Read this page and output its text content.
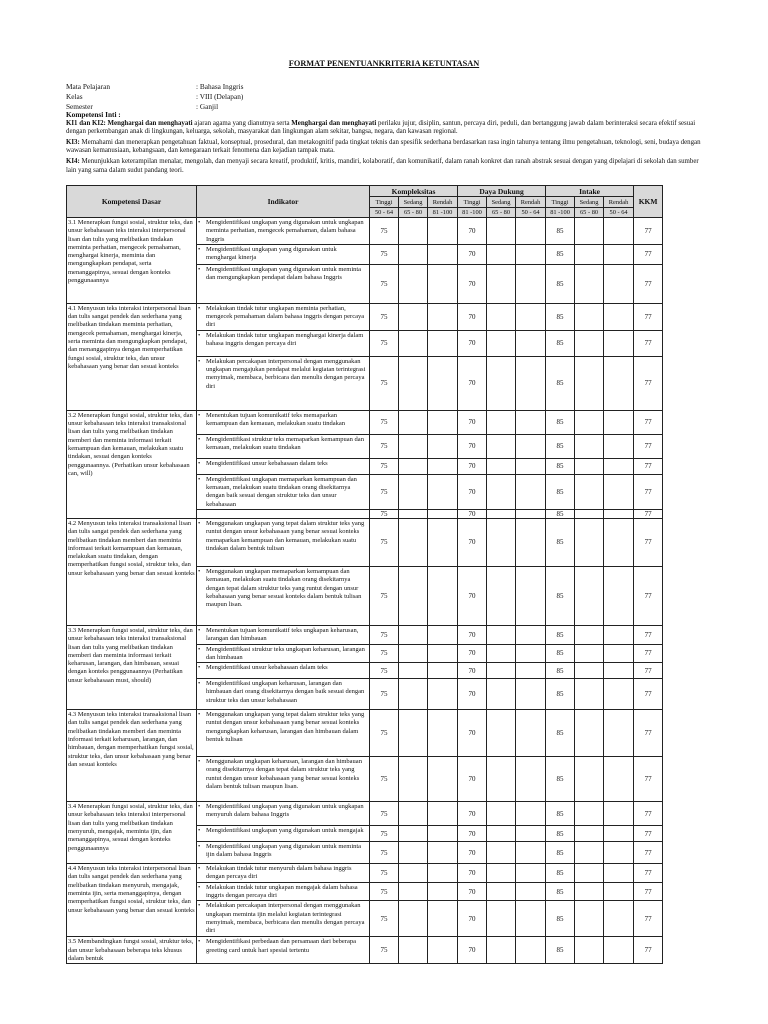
FORMAT PENENTUANKRITERIA KETUNTASAN
Mata Pelajaran	: Bahasa Inggris
Kelas	: VIII (Delapan)
Semester	: Ganjil

Kompetensi Inti :

KI1 dan KI2: Menghargai dan menghayati ajaran agama yang dianutnya serta Menghargai dan menghayati perilaku jujur, disiplin, santun, percaya diri, peduli, dan bertanggung jawab dalam berinteraksi secara efektif sesuai dengan perkembangan anak di lingkungan, keluarga, sekolah, masyarakat dan lingkungan alam sekitar, bangsa, negara, dan kawasan regional.

KI3: Memahami dan menerapkan pengetahuan faktual, konseptual, prosedural, dan metakognitif pada tingkat teknis dan spesifik sederhana berdasarkan rasa ingin tahunya tentang ilmu pengetahuan, teknologi, seni, budaya dengan wawasan kemanusiaan, kebangsaan, dan kenegaraan terkait fenomena dan kejadian tampak mata.

KI4: Menunjukkan keterampilan menalar, mengolah, dan menyaji secara kreatif, produktif, kritis, mandiri, kolaboratif, dan komunikatif, dalam ranah konkret dan ranah abstrak sesuai dengan yang dipelajari di sekolah dan sumber lain yang sama dalam sudut pandang teori.

Kompetensi Dasar	Indikator	Kompleksitas			Daya Dukung			Intake			KKM
		Tinggi	Sedang	Rendah	Tinggi	Sedang	Rendah	Tinggi	Sedang	Rendah	
		50 - 64	65 - 80	81 -100	81 -100	65 - 80	50 - 64	81 -100	65 - 80	50 - 64	
3.1 Menerapkan fungsi sosial, struktur teks, dan unsur kebahasaan teks interaksi interpersonal lisan dan tulis yang melibatkan tindakan meminta perhatian, mengecek pemahaman, menghargai kinerja, meminta dan mengungkapkan pendapat, serta menanggapinya, sesuai dengan konteks penggunaannya	• Mengidentifikasi ungkapan yang digunakan untuk ungkapan meminta perhatian, mengecek pemahaman, dalam bahasa Inggris	75			70			85			77

	• Mengidentifikasi ungkapan yang digunakan untuk menghargai kinerja	75			70			85			77

	• Mengidentifikasi ungkapan yang digunakan untuk meminta dan mengungkapkan pendapat dalam bahasa Inggris	75			70			85			77
4.1 Menyusun teks interaksi interpersonal lisan dan tulis sangat pendek dan sederhana yang melibatkan tindakan meminta perhatian, mengecek pemahaman, menghargai kinerja, serta meminta dan mengungkapkan pendapat, dan menanggapinya dengan memperhatikan fungsi sosial, struktur teks, dan unsur kebahasaan yang benar dan sesuai konteks	• Melakukan tindak tutur ungkapan meminta perhatian, mengecek pemahaman dalam bahasa inggris dengan percaya diri	75			70			85			77

	• Melakukan tindak tutur ungkapan menghargai kinerja dalam bahasa inggris dengan percaya diri	75			70			85			77

	• Melakukan percakapan interpersonal dengan menggunakan ungkapan mengajukan pendapat melalui kegiatan terintegrasi menyimak, membaca, berbicara dan menulis dengan percaya diri	75			70			85			77
3.2 Menerapkan fungsi sosial, struktur teks, dan unsur kebahasaan teks interaksi transaksional lisan dan tulis yang melibatkan tindakan memberi dan meminta informasi terkait kemampuan dan kemauan, melakukan suatu tindakan, sesuai dengan konteks penggunaannya. (Perhatikan unsur kebahasaan can, will)	• Menentukan tujuan komunikatif teks memaparkan kemampuan dan kemauan, melakukan suatu tindakan	75			70			85			77

	• Mengidentifikasi struktur teks memaparkan kemampuan dan kemauan, melakukan suatu tindakan	75			70			85			77

	• Mengidentifikasi unsur kebahasaan dalam teks	75			70			85			77

	• Mengidentifikasi ungkapan memaparkan kemampuan dan kemauan, melakukan suatu tindakan orang disekitarnya dengan baik sesuai dengan struktur teks dan unsur kebahasaan	75			70			85			77
		75			70			85			77
4.2 Menyusun teks interaksi transaksional lisan dan tulis sangat pendek dan sederhana yang melibatkan tindakan memberi dan meminta informasi terkait kemampuan dan kemauan, melakukan suatu tindakan, dengan memperhatikan fungsi sosial, struktur teks, dan unsur kebahasaan yang benar dan sesuai konteks	• Menggunakan ungkapan yang tepat dalam struktur teks yang runtut dengan unsur kebahasaan yang benar sesuai konteks memaparkan kemampuan dan kemauan, melakukan suatu tindakan dalam bentuk tulisan	75			70			85			77

	• Menggunakan ungkapan memaparkan kemampuan dan kemauan, melakukan suatu tindakan orang disekitarnya dengan tepat dalam struktur teks yang runtut dengan unsur kebahasaan yang benar sesuai konteks dalam bentuk tulisan maupun lisan.	75			70			85			77
3.3 Menerapkan fungsi sosial, struktur teks, dan unsur kebahasaan teks interaksi transaksional lisan dan tulis yang melibatkan tindakan memberi dan meminta informasi terkait keharusan, larangan, dan himbauan, sesuai dengan konteks penggunaannya (Perhatikan unsur kebahasaan must, should)	• Menentukan tujuan komunikatif teks ungkapan keharusan, larangan dan himbauan	75			70			85			77

	• Mengidentifikasi struktur teks ungkapan keharusan, larangan dan himbauan	75			70			85			77

	• Mengidentifikasi unsur kebahasaan dalam teks	75			70			85			77

	• Mengidentifikasi ungkapan keharusan, larangan dan himbauan dari orang disekitarnya dengan baik sesuai dengan struktur teks dan unsur kebahasaan	75			70			85			77
4.3 Menyusun teks interaksi transaksional lisan dan tulis sangat pendek dan sederhana yang melibatkan tindakan memberi dan meminta informasi terkait keharusan, larangan, dan himbauan, dengan memperhatikan fungsi sosial, struktur teks, dan unsur kebahasaan yang benar dan sesuai konteks	• Menggunakan ungkapan yang tepat dalam struktur teks yang runtut dengan unsur kebahasaan yang benar sesuai konteks mengungkapkan keharusan, larangan dan himbauan dalam bentuk tulisan	75			70			85			77

	• Menggunakan ungkapan keharusan, larangan dan himbauan orang disekitarnya dengan tepat dalam struktur teks yang runtut dengan unsur kebahasaan yang benar sesuai konteks dalam bentuk tulisan maupun lisan.	75			70			85			77
3.4 Menerapkan fungsi sosial, struktur teks, dan unsur kebahasaan teks interaksi interpersonal lisan dan tulis yang melibatkan tindakan menyuruh, mengajak, meminta ijin, dan menanggapinya, sesuai dengan konteks penggunaannya	• Mengidentifikasi ungkapan yang digunakan untuk ungkapan menyuruh dalam bahasa Inggris	75			70			85			77

	• Mengidentifikasi ungkapan yang digunakan untuk mengajak	75			70			85			77

	• Mengidentifikasi ungkapan yang digunakan untuk meminta ijin dalam bahasa Inggris	75			70			85			77
4.4 Menyusun teks interaksi interpersonal lisan dan tulis sangat pendek dan sederhana yang melibatkan tindakan menyuruh, mengajak, meminta ijin, serta menanggapinya, dengan memperhatikan fungsi sosial, struktur teks, dan unsur kebahasaan yang benar dan sesuai konteks	• Melakukan tindak tutur menyuruh dalam bahasa inggris dengan percaya diri	75			70			85			77

	• Melakukan tindak tutur ungkapan mengajak dalam bahasa inggris dengan percaya diri	75			70			85			77

	• Melakukan percakapan interpersonal dengan menggunakan ungkapan meminta ijin melalui kegiatan terintegrasi menyimak, membaca, berbicara dan menulis dengan percaya diri	75			70			85			77
3.5 Membandingkan fungsi sosial, struktur teks, dan unsur kebahasaan beberapa teks khusus dalam bentuk	• Mengidentifikasi perbedaan dan persamaan dari beberapa greeting card untuk hari spesial tertentu	75			70			85			77
